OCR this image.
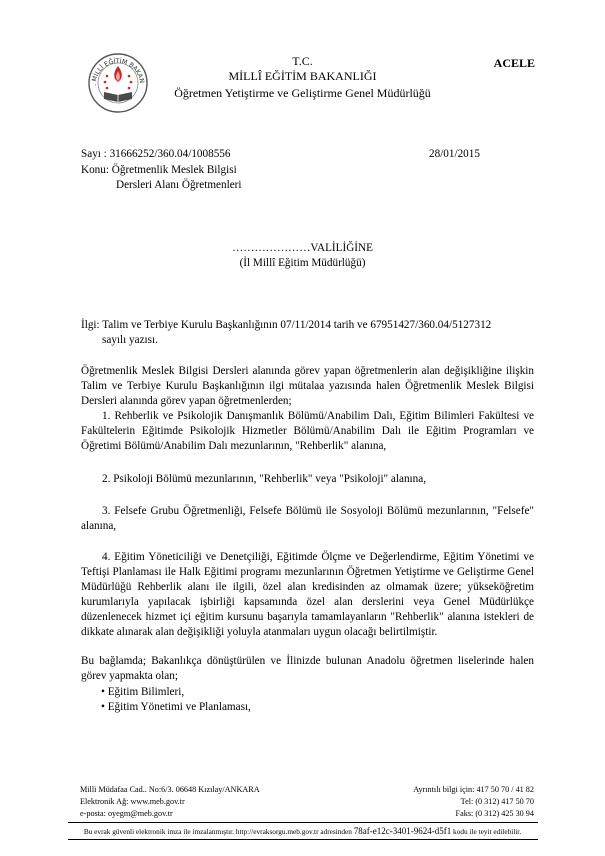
. MİLLÎ EĞİTİM BAKAN
T.C.
MİLLÎ EĞİTİM BAKANLIĞI
Öğretmen Yetiştirme ve Geliştirme Genel Müdürlüğü
ACELE
Sayı : 31666252/360.04/1008556	28/01/2015
Konu: Öğretmenlik Meslek Bilgisi
Dersleri Alanı Öğretmenleri
…………………VALİLİĞİNE
(İl Millî Eğitim Müdürlüğü)
İlgi: Talim ve Terbiye Kurulu Başkanlığının 07/11/2014 tarih ve 67951427/360.04/5127312
sayılı yazısı.
Öğretmenlik Meslek Bilgisi Dersleri alanında görev yapan öğretmenlerin alan değişikliğine ilişkin Talim ve Terbiye Kurulu Başkanlığının ilgi mütalaa yazısında halen Öğretmenlik Meslek Bilgisi Dersleri alanında görev yapan öğretmenlerden;
1. Rehberlik ve Psikolojik Danışmanlık Bölümü/Anabilim Dalı, Eğitim Bilimleri Fakültesi ve Fakültelerin Eğitimde Psikolojik Hizmetler Bölümü/Anabilim Dalı ile Eğitim Programları ve Öğretimi Bölümü/Anabilim Dalı mezunlarının, "Rehberlik" alanına,
2. Psikoloji Bölümü mezunlarının, "Rehberlik" veya "Psikoloji" alanına,
3. Felsefe Grubu Öğretmenliği, Felsefe Bölümü ile Sosyoloji Bölümü mezunlarının, "Felsefe" alanına,
4. Eğitim Yöneticiliği ve Denetçiliği, Eğitimde Ölçme ve Değerlendirme, Eğitim Yönetimi ve Teftişi Planlaması ile Halk Eğitimi programı mezunlarının Öğretmen Yetiştirme ve Geliştirme Genel Müdürlüğü Rehberlik alanı ile ilgili, özel alan kredisinden az olmamak üzere; yükseköğretim kurumlarıyla yapılacak işbirliği kapsamında özel alan derslerini veya Genel Müdürlükçe düzenlenecek hizmet içi eğitim kursunu başarıyla tamamlayanların "Rehberlik" alanına istekleri de dikkate alınarak alan değişikliği yoluyla atanmaları uygun olacağı belirtilmiştir.
Bu bağlamda; Bakanlıkça dönüştürülen ve İlinizde bulunan Anadolu öğretmen liselerinde halen görev yapmakta olan;
• Eğitim Bilimleri,
• Eğitim Yönetimi ve Planlaması,
Milli Müdafaa Cad.. No:6/3. 06648 Kızılay/ANKARA
Elektronik Ağ: www.meb.gov.tr
e-posta: oyegm@meb.gov.tr
Ayrıntılı bilgi için: 417 50 70 / 41 82
Tel: (0 312) 417 50 70
Faks: (0 312) 425 30 94
Bu evrak güvenli elektronik imza ile imzalanmıştır. http://evraksorgu.meb.gov.tr adresinden 78af-e12c-3401-9624-d5f1 kodu ile teyit edilebilir.
